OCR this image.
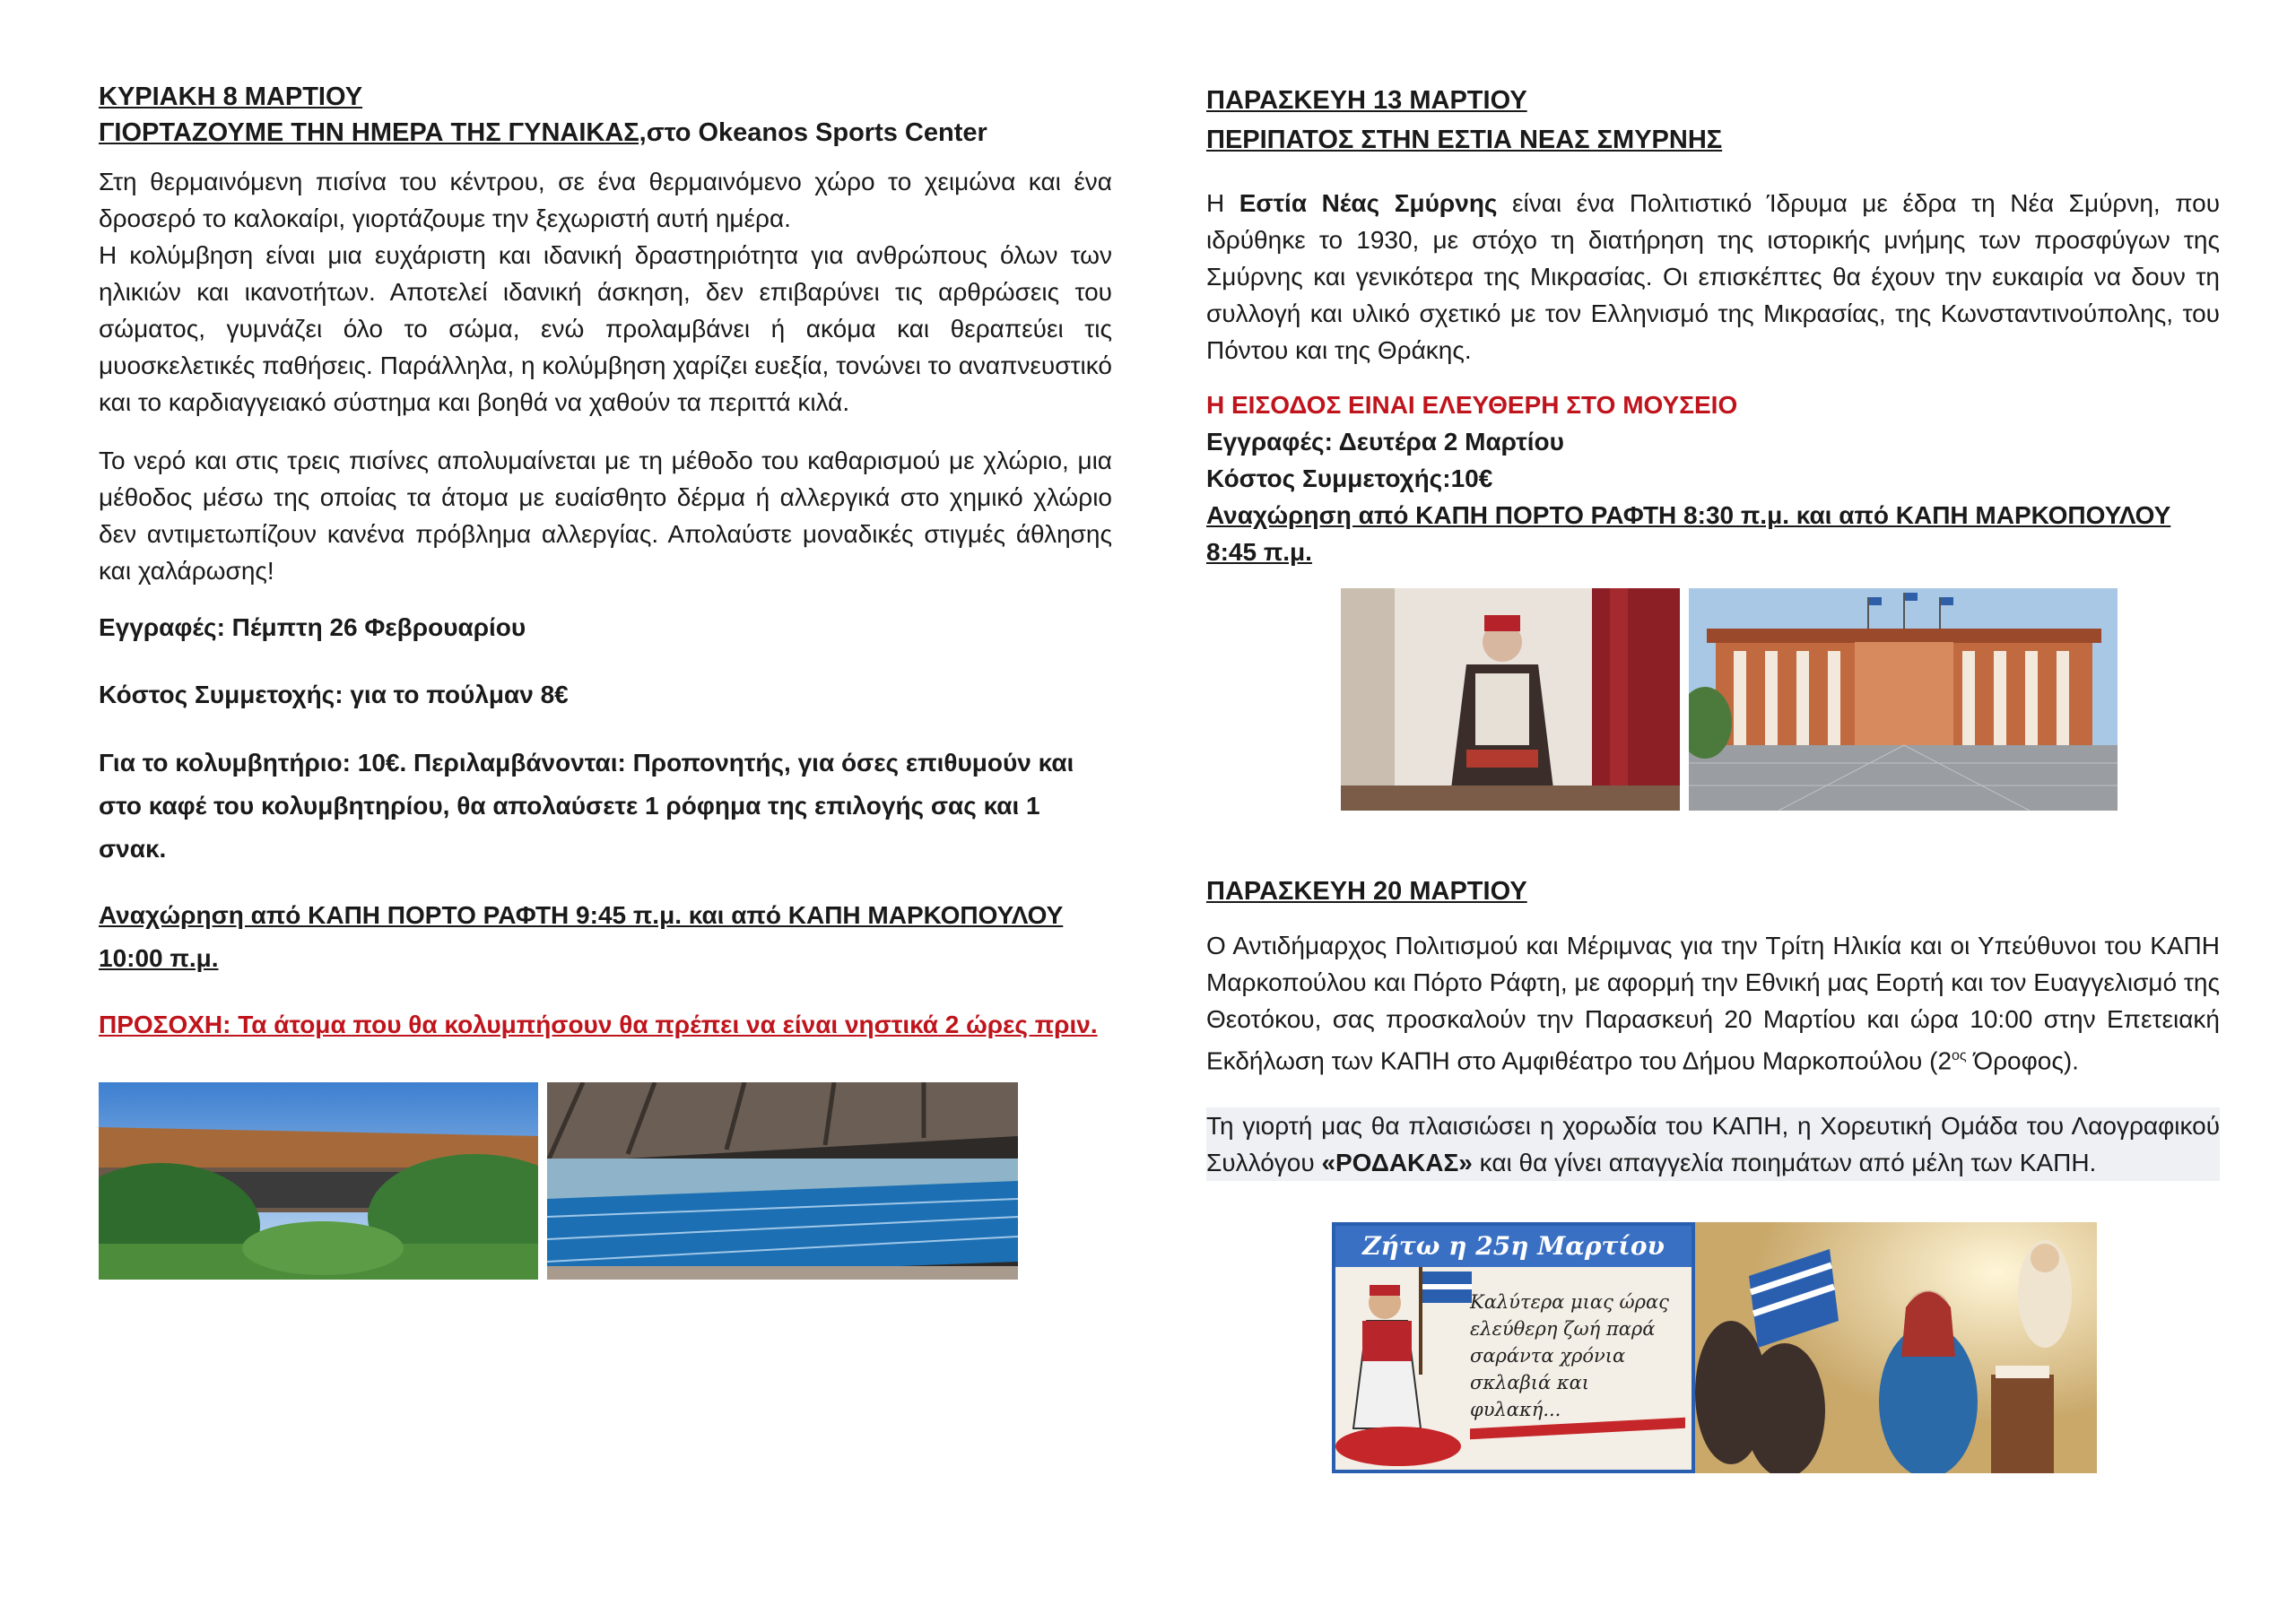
ΚΥΡΙΑΚΗ 8 ΜΑΡΤΙΟΥ

ΓΙΟΡΤΑΖΟΥΜΕ ΤΗΝ ΗΜΕΡΑ ΤΗΣ ΓΥΝΑΙΚΑΣ,στο Okeanos Sports Center

Στη θερμαινόμενη πισίνα του κέντρου, σε ένα θερμαινόμενο χώρο το χειμώνα και ένα δροσερό το καλοκαίρι, γιορτάζουμε την ξεχωριστή αυτή ημέρα.

Η κολύμβηση είναι μια ευχάριστη και ιδανική δραστηριότητα για ανθρώπους όλων των ηλικιών και ικανοτήτων. Αποτελεί ιδανική άσκηση, δεν επιβαρύνει τις αρθρώσεις του σώματος, γυμνάζει όλο το σώμα, ενώ προλαμβάνει ή ακόμα και θεραπεύει τις μυοσκελετικές παθήσεις. Παράλληλα, η κολύμβηση χαρίζει ευεξία, τονώνει το αναπνευστικό και το καρδιαγγειακό σύστημα και βοηθά να χαθούν τα περιττά κιλά.

Το νερό και στις τρεις πισίνες απολυμαίνεται με τη μέθοδο του καθαρισμού με χλώριο, μια μέθοδος μέσω της οποίας τα άτομα με ευαίσθητο δέρμα ή αλλεργικά στο χημικό χλώριο δεν αντιμετωπίζουν κανένα πρόβλημα αλλεργίας. Απολαύστε μοναδικές στιγμές άθλησης και χαλάρωσης!

Εγγραφές: Πέμπτη 26 Φεβρουαρίου

Κόστος Συμμετοχής: για το πούλμαν 8€

Για το κολυμβητήριο: 10€. Περιλαμβάνονται: Προπονητής, για όσες επιθυμούν και στο καφέ του κολυμβητηρίου, θα απολαύσετε 1 ρόφημα της επιλογής σας και 1 σνακ.

Αναχώρηση από ΚΑΠΗ ΠΟΡΤΟ ΡΑΦΤΗ 9:45 π.μ. και από ΚΑΠΗ ΜΑΡΚΟΠΟΥΛΟΥ 10:00 π.μ.

ΠΡΟΣΟΧΗ: Τα άτομα που θα κολυμπήσουν θα πρέπει να είναι νηστικά 2 ώρες πριν.

ΠΑΡΑΣΚΕΥΗ 13 ΜΑΡΤΙΟΥ

ΠΕΡΙΠΑΤΟΣ ΣΤΗΝ ΕΣΤΙΑ ΝΕΑΣ ΣΜΥΡΝΗΣ

Η Εστία Νέας Σμύρνης είναι ένα Πολιτιστικό Ίδρυμα με έδρα τη Νέα Σμύρνη, που ιδρύθηκε το 1930, με στόχο τη διατήρηση της ιστορικής μνήμης των προσφύγων της Σμύρνης και γενικότερα της Μικρασίας. Οι επισκέπτες θα έχουν την ευκαιρία να δουν τη συλλογή και υλικό σχετικό με τον Ελληνισμό της Μικρασίας, της Κωνσταντινούπολης, του Πόντου και της Θράκης.

Η ΕΙΣΟΔΟΣ ΕΙΝΑΙ ΕΛΕΥΘΕΡΗ ΣΤΟ ΜΟΥΣΕΙΟ

Εγγραφές: Δευτέρα 2 Μαρτίου

Κόστος Συμμετοχής:10€

Αναχώρηση από ΚΑΠΗ ΠΟΡΤΟ ΡΑΦΤΗ 8:30 π.μ. και από ΚΑΠΗ ΜΑΡΚΟΠΟΥΛΟΥ 8:45 π.μ.

ΠΑΡΑΣΚΕΥΗ 20 ΜΑΡΤΙΟΥ

Ο Αντιδήμαρχος Πολιτισμού και Μέριμνας για την Τρίτη Ηλικία και οι Υπεύθυνοι του ΚΑΠΗ Μαρκοπούλου και Πόρτο Ράφτη, με αφορμή την Εθνική μας Εορτή και τον Ευαγγελισμό της Θεοτόκου, σας προσκαλούν την Παρασκευή 20 Μαρτίου και ώρα 10:00 στην Επετειακή Εκδήλωση των ΚΑΠΗ στο Αμφιθέατρο του Δήμου Μαρκοπούλου ($2^{o\varsigma}$ Όροφος).

Τη γιορτή μας θα πλαισιώσει η χορωδία του ΚΑΠΗ, η Χορευτική Ομάδα του Λαογραφικού Συλλόγου «ΡΟΔΑΚΑΣ» και θα γίνει απαγγελία ποιημάτων από μέλη των ΚΑΠΗ.

Ζήτω η 25η Μαρτίου
Καλύτερα μιας ώρας ελεύθερη ζωή παρά σαράντα χρόνια σκλαβιά και φυλακή...
